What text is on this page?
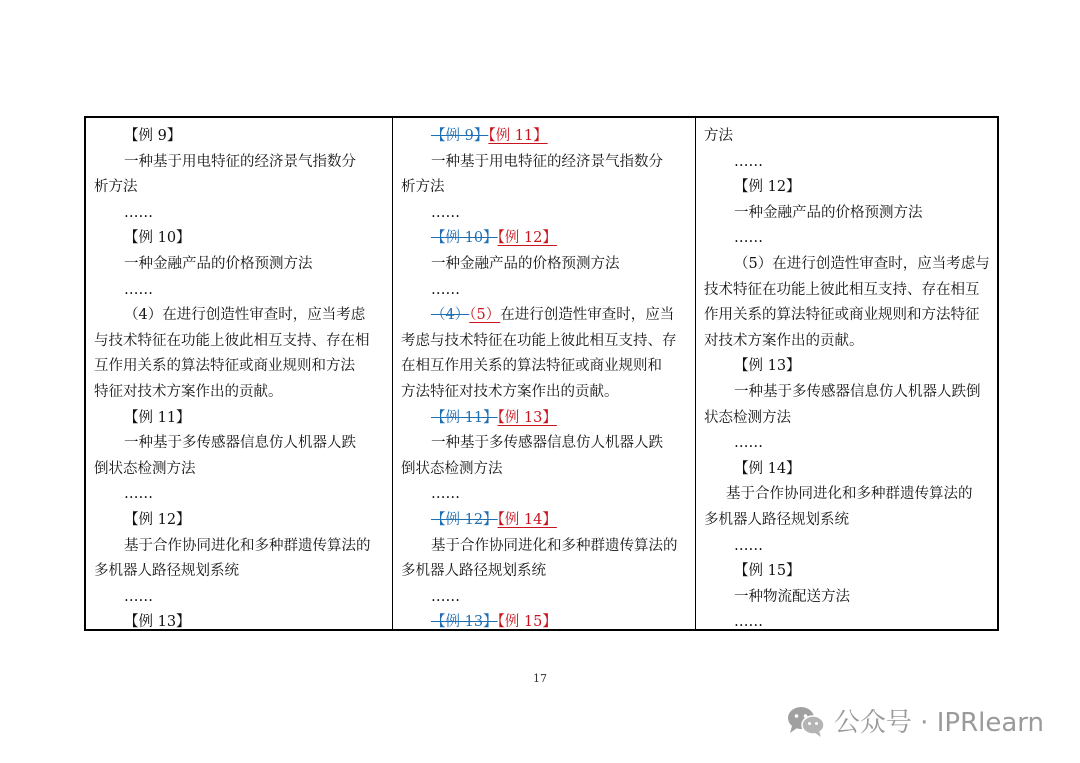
【例 9】
一种基于用电特征的经济景气指数分
析方法
……
【例 10】
一种金融产品的价格预测方法
……
（4）在进行创造性审查时，应当考虑
与技术特征在功能上彼此相互支持、存在相
互作用关系的算法特征或商业规则和方法
特征对技术方案作出的贡献。
【例 11】
一种基于多传感器信息仿人机器人跌
倒状态检测方法
……
【例 12】
基于合作协同进化和多种群遗传算法的
多机器人路径规划系统
……
【例 13】
【例 9】【例 11】
一种基于用电特征的经济景气指数分
析方法
……
【例 10】【例 12】
一种金融产品的价格预测方法
……
（4）（5）在进行创造性审查时，应当
考虑与技术特征在功能上彼此相互支持、存
在相互作用关系的算法特征或商业规则和
方法特征对技术方案作出的贡献。
【例 11】【例 13】
一种基于多传感器信息仿人机器人跌
倒状态检测方法
……
【例 12】【例 14】
基于合作协同进化和多种群遗传算法的
多机器人路径规划系统
……
【例 13】【例 15】
方法
……
【例 12】
一种金融产品的价格预测方法
……
（5）在进行创造性审查时，应当考虑与
技术特征在功能上彼此相互支持、存在相互
作用关系的算法特征或商业规则和方法特征
对技术方案作出的贡献。
【例 13】
一种基于多传感器信息仿人机器人跌倒
状态检测方法
……
【例 14】
基于合作协同进化和多种群遗传算法的
多机器人路径规划系统
……
【例 15】
一种物流配送方法
……
17
公众号 · IPRlearn
